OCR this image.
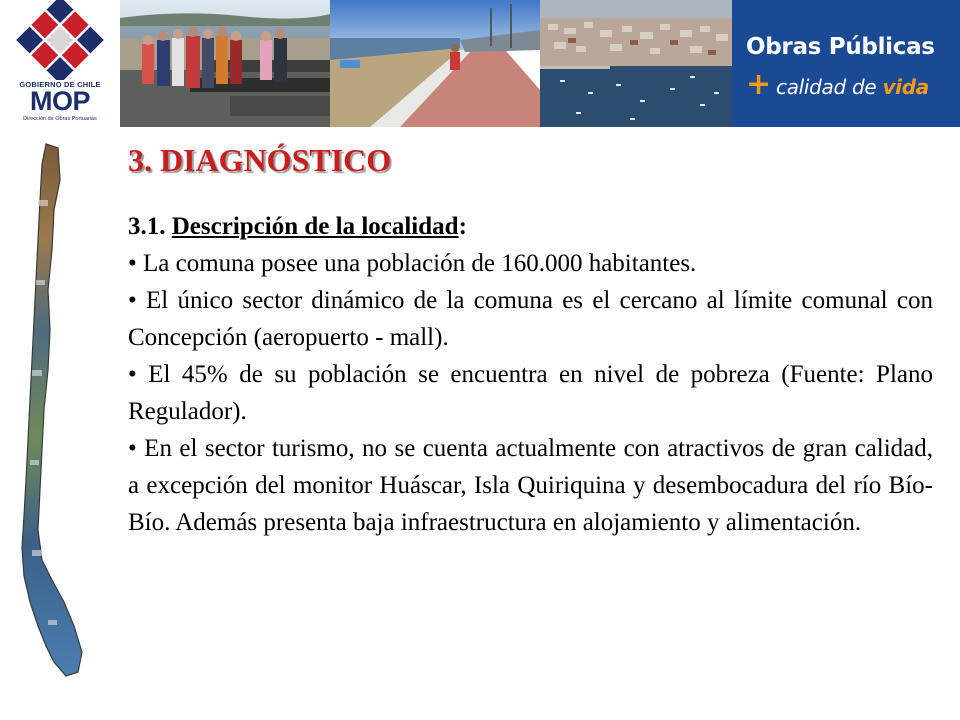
GOBIERNO DE CHILE
MOP
Dirección de Obras Portuarias
Obras Públicas
+ calidad de vida
3. DIAGNÓSTICO

3.1. Descripción de la localidad:

• La comuna posee una población de 160.000 habitantes.

• El único sector dinámico de la comuna es el cercano al límite comunal con Concepción (aeropuerto - mall).

• El 45% de su población se encuentra en nivel de pobreza (Fuente: Plano Regulador).

• En el sector turismo, no se cuenta actualmente con atractivos de gran calidad, a excepción del monitor Huáscar, Isla Quiriquina y desembocadura del río Bío-Bío. Además presenta baja infraestructura en alojamiento y alimentación.
